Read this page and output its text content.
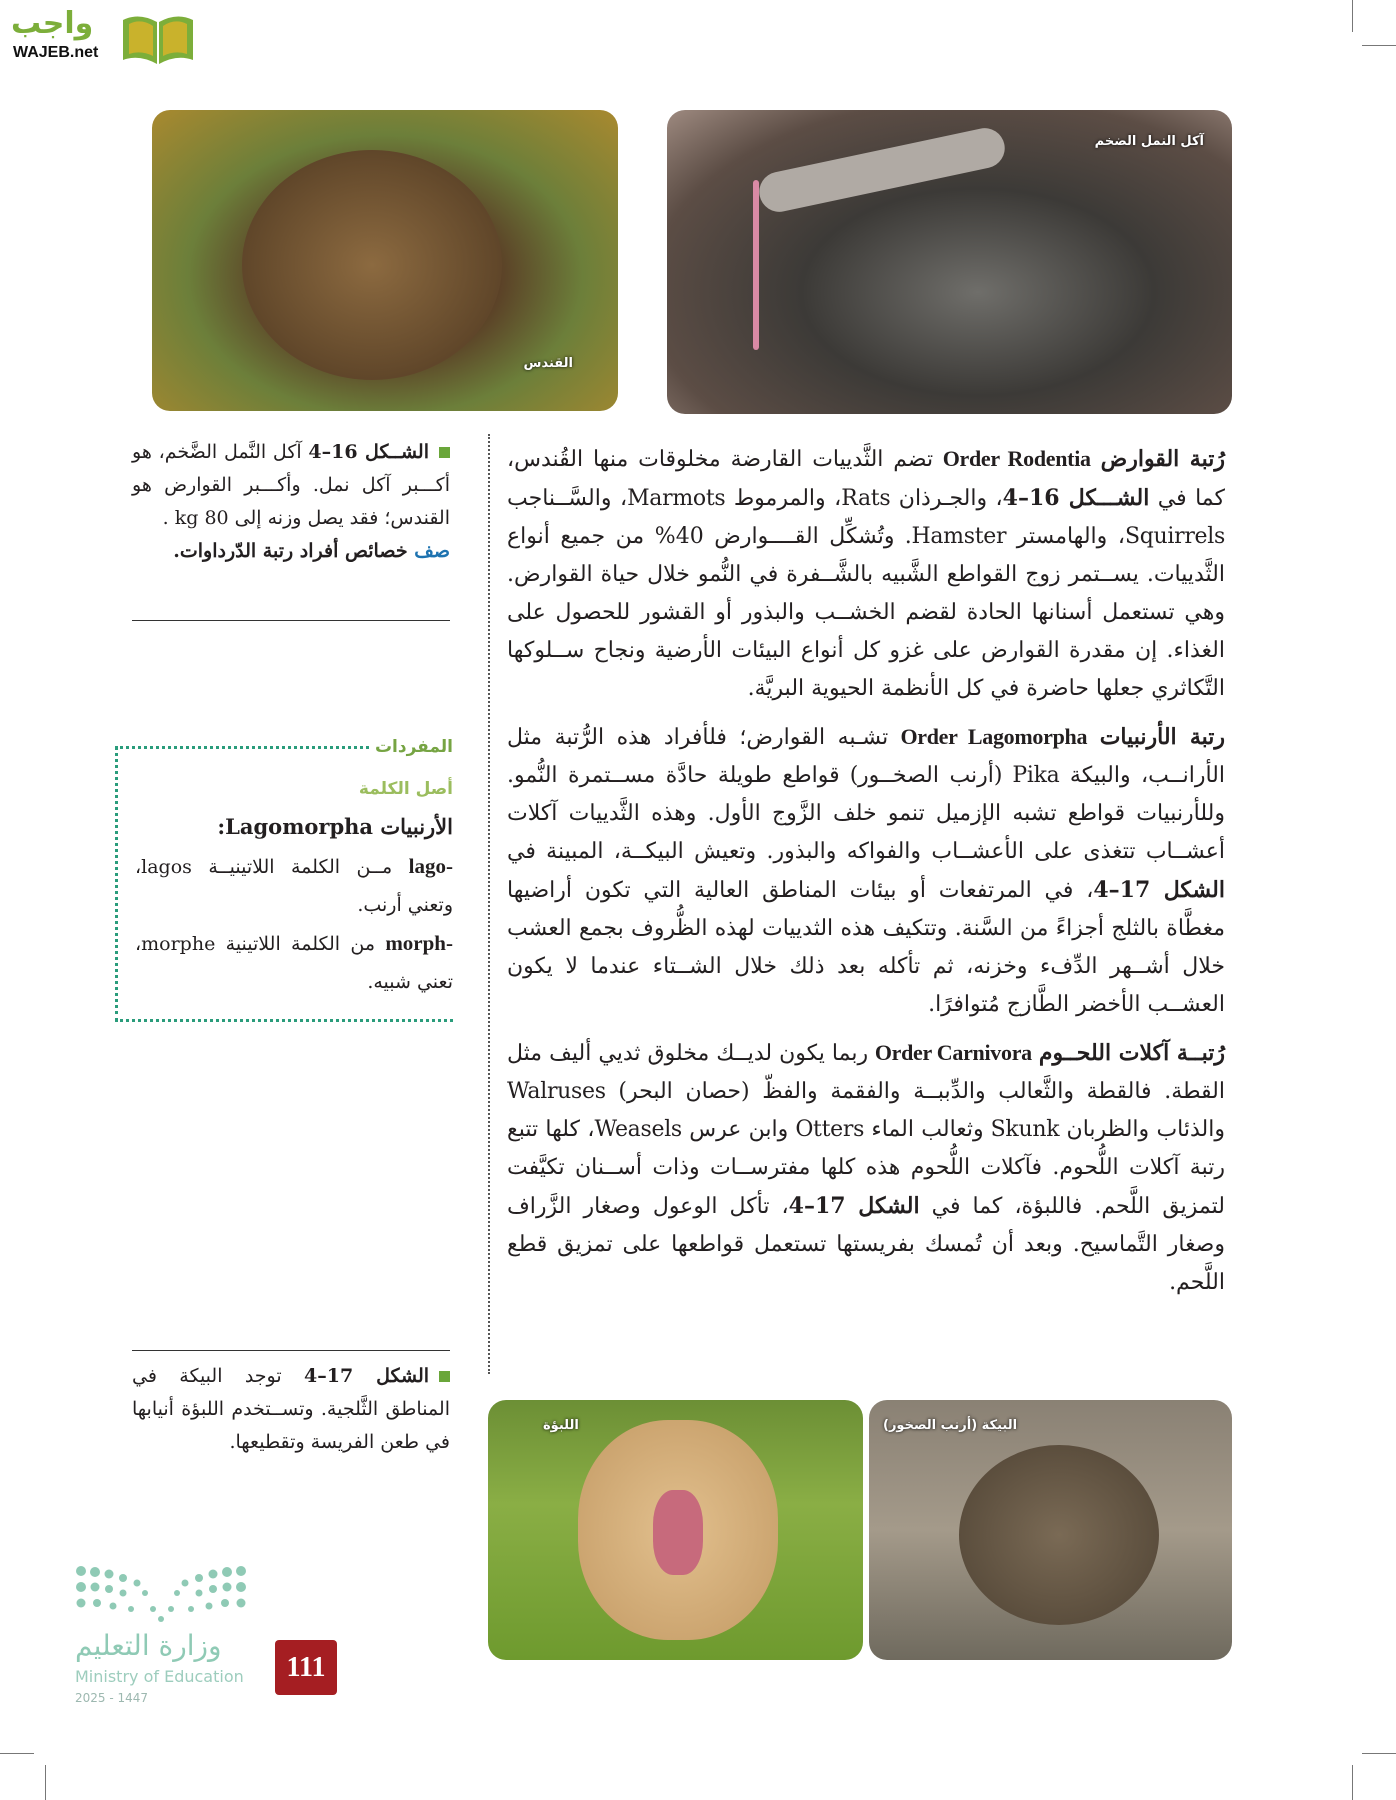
واجب
WAJEB.net
القندس
آكل النمل الضخم
اللبؤة	البيكة (أرنب الصخور)

رُتبة القوارض Order Rodentia تضم الثَّدييات القارضة مخلوقات منها القُندس، كما في الشـــكل 16–4، والجـرذان Rats، والمرموط Marmots، والسَّــناجب Squirrels، والهامستر Hamster. وتُشكِّل القــــوارض 40% من جميع أنواع الثَّدييات. يســتمر زوج القواطع الشَّبيه بالشَّــفرة في النُّمو خلال حياة القوارض. وهي تستعمل أسنانها الحادة لقضم الخشــب والبذور أو القشور للحصول على الغذاء. إن مقدرة القوارض على غزو كل أنواع البيئات الأرضية ونجاح ســلوكها التَّكاثري جعلها حاضرة في كل الأنظمة الحيوية البريَّة.

رتبة الأرنبيات Order Lagomorpha تشـبه القوارض؛ فلأفراد هذه الرُّتبة مثل الأرانــب، والبيكة Pika (أرنب الصخــور) قواطع طويلة حادَّة مســتمرة النُّمو. وللأرنبيات قواطع تشبه الإزميل تنمو خلف الزَّوج الأول. وهذه الثَّدييات آكلات أعشــاب تتغذى على الأعشــاب والفواكه والبذور. وتعيش البيكــة، المبينة في الشكل 17–4، في المرتفعات أو بيئات المناطق العالية التي تكون أراضيها مغطَّاة بالثلج أجزاءً من السَّنة. وتتكيف هذه الثدييات لهذه الظُّروف بجمع العشب خلال أشــهر الدِّفء وخزنه، ثم تأكله بعد ذلك خلال الشــتاء عندما لا يكون العشــب الأخضر الطَّازج مُتوافرًا.

رُتبــة آكلات اللحــوم Order Carnivora ربما يكون لديــك مخلوق ثديي أليف مثل القطة. فالقطة والثَّعالب والدِّببــة والفقمة والفظّ (حصان البحر) Walruses والذئاب والظربان Skunk وثعالب الماء Otters وابن عرس Weasels، كلها تتبع رتبة آكلات اللُّحوم. فآكلات اللُّحوم هذه كلها مفترســات وذات أســنان تكيَّفت لتمزيق اللَّحم. فاللبؤة، كما في الشكل 17–4، تأكل الوعول وصغار الزَّراف وصغار التَّماسيح. وبعد أن تُمسك بفريستها تستعمل قواطعها على تمزيق قطع اللَّحم.

الشــكل 16–4 آكل النَّمل الضَّخم، هو أكـــبر آكل نمل. وأكـــبر القوارض هو القندس؛ فقد يصل وزنه إلى 80 kg .
صف خصائص أفراد رتبة الدّرداوات.
المفردات
أصل الكلمة
الأرنبيات Lagomorpha:
-lago مــن الكلمة اللاتينيــة lagos، وتعني أرنب.
-morph من الكلمة اللاتينية morphe، تعني شبيه.
الشكل 17–4 توجد البيكة في المناطق الثَّلجية. وتســتخدم اللبؤة أنيابها في طعن الفريسة وتقطيعها.
وزارة التعليم
Ministry of Education
2025 - 1447
111
